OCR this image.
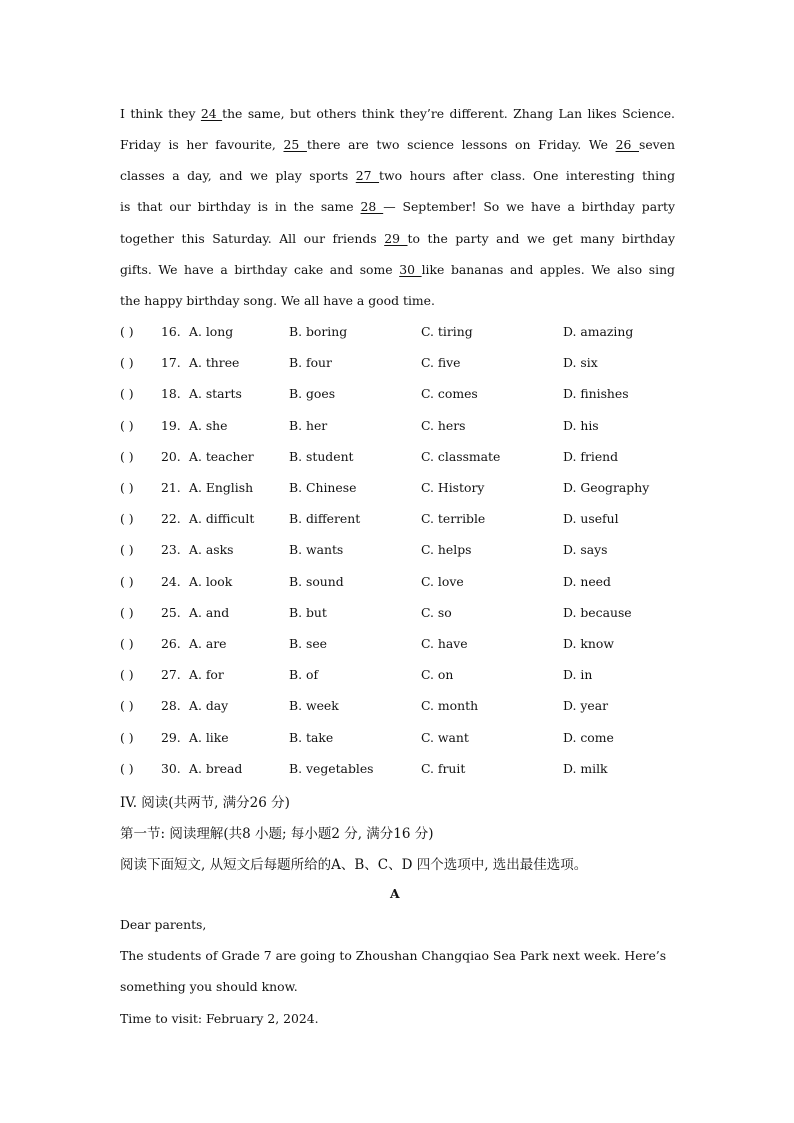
I think they 24 the same, but others think they’re different. Zhang Lan likes Science.
Friday is her favourite, 25 there are two science lessons on Friday. We 26 seven
classes a day, and we play sports 27 two hours after class. One interesting thing
is that our birthday is in the same 28 — September! So we have a birthday party
together this Saturday. All our friends 29 to the party and we get many birthday
gifts. We have a birthday cake and some 30 like bananas and apples. We also sing
the happy birthday song. We all have a good time.
( ) 16. A. long	B. boring	C. tiring	D. amazing
( ) 17. A. three	B. four	C. five	D. six
( ) 18. A. starts	B. goes	C. comes	D. finishes
( ) 19. A. she	B. her	C. hers	D. his
( ) 20. A. teacher	B. student	C. classmate	D. friend
( ) 21. A. English	B. Chinese	C. History	D. Geography
( ) 22. A. difficult	B. different	C. terrible	D. useful
( ) 23. A. asks	B. wants	C. helps	D. says
( ) 24. A. look	B. sound	C. love	D. need
( ) 25. A. and	B. but	C. so	D. because
( ) 26. A. are	B. see	C. have	D. know
( ) 27. A. for	B. of	C. on	D. in
( ) 28. A. day	B. week	C. month	D. year
( ) 29. A. like	B. take	C. want	D. come
( ) 30. A. bread	B. vegetables	C. fruit	D. milk
IV. 阅读(共两节, 满分26 分)
第一节: 阅读理解(共8 小题; 每小题2 分, 满分16 分)
阅读下面短文, 从短文后每题所给的A、B、C、D 四个选项中, 选出最佳选项。
A
Dear parents,
The students of Grade 7 are going to Zhoushan Changqiao Sea Park next week. Here’s
something you should know.
Time to visit: February 2, 2024.
